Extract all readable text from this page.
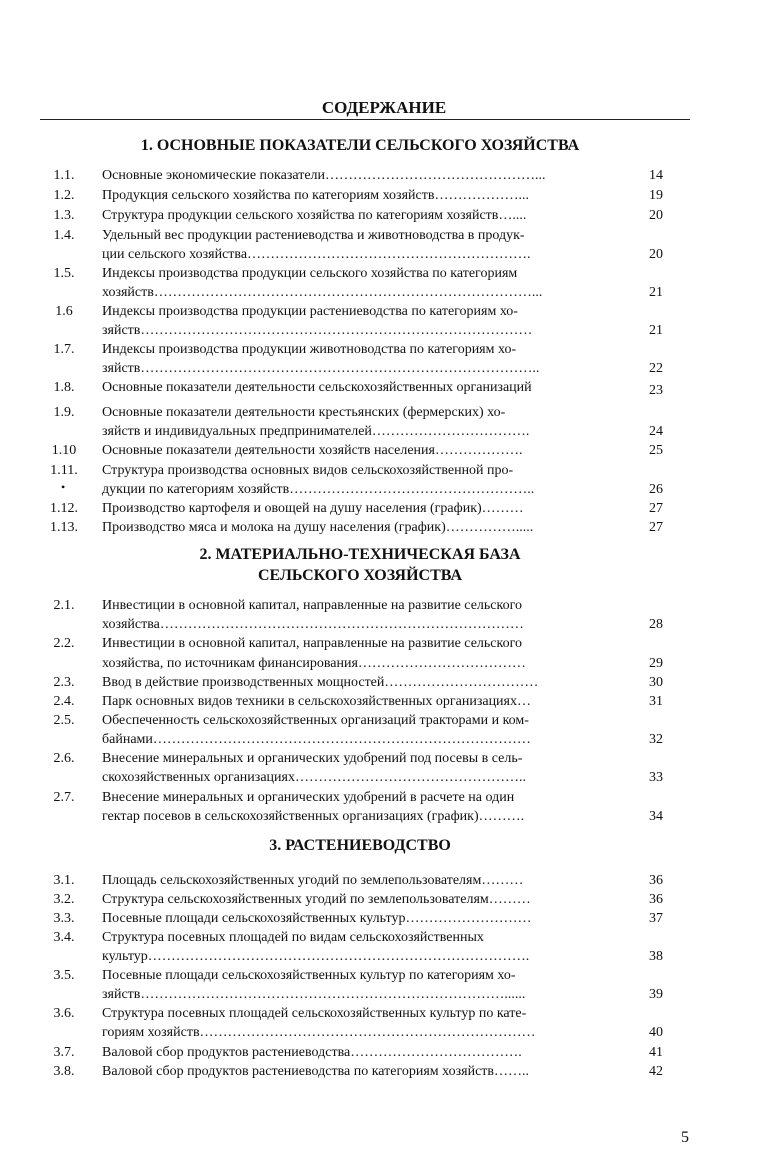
СОДЕРЖАНИЕ
1. ОСНОВНЫЕ ПОКАЗАТЕЛИ СЕЛЬСКОГО ХОЗЯЙСТВА
1.1.	Основные экономические показатели………………………………………...	14
1.2.	Продукция сельского хозяйства по категориям хозяйств………………...	19
1.3.	Структура продукции сельского хозяйства по категориям хозяйств…....	20
1.4.	Удельный вес продукции растениеводства и животноводства в продук-
ции сельского хозяйства…………………………………………………….	20
1.5.	Индексы производства продукции сельского хозяйства по категориям
хозяйств………………………………………………………………………...	21
1.6	Индексы производства продукции растениеводства по категориям хо-
зяйств…………………………………………………………………………	21
1.7.	Индексы производства продукции животноводства по категориям хо-
зяйств…………………………………………………………………………..	22
1.8.	Основные показатели деятельности сельскохозяйственных организаций	23
1.9.	Основные показатели деятельности крестьянских (фермерских) хо-
зяйств и индивидуальных предпринимателей…………………………….	24
1.10	Основные показатели деятельности хозяйств населения……………….	25
1.11.	Структура производства основных видов сельскохозяйственной про-
дукции по категориям хозяйств……………………………………………..	26
1.12.	Производство картофеля и овощей на душу населения (график)………	27
1.13.	Производство мяса и молока на душу населения (график)…………….....	27
2. МАТЕРИАЛЬНО-ТЕХНИЧЕСКАЯ БАЗА
СЕЛЬСКОГО ХОЗЯЙСТВА
2.1.	Инвестиции в основной капитал, направленные на развитие сельского
хозяйства……………………………………………………………………	28
2.2.	Инвестиции в основной капитал, направленные на развитие сельского
хозяйства, по источникам финансирования………………………………	29
2.3.	Ввод в действие производственных мощностей……………………………	30
2.4.	Парк основных видов техники в сельскохозяйственных организациях…	31
2.5.	Обеспеченность сельскохозяйственных организаций тракторами и ком-
байнами………………………………………………………………………	32
2.6.	Внесение минеральных и органических удобрений под посевы в сель-
скохозяйственных организациях…………………………………………..	33
2.7.	Внесение минеральных и органических удобрений в расчете на один
гектар посевов в сельскохозяйственных организациях (график)……….	34
3. РАСТЕНИЕВОДСТВО
3.1.	Площадь сельскохозяйственных угодий по землепользователям………	36
3.2.	Структура сельскохозяйственных угодий по землепользователям………	36
3.3.	Посевные площади сельскохозяйственных культур………………………	37
3.4.	Структура посевных площадей по видам сельскохозяйственных
культур……………………………………………………………………….	38
3.5.	Посевные площади сельскохозяйственных культур по категориям хо-
зяйств……………………………………………………………………......	39
3.6.	Структура посевных площадей сельскохозяйственных культур по кате-
гориям хозяйств………………………………………………………………	40
3.7.	Валовой сбор продуктов растениеводства……………………………….	41
3.8.	Валовой сбор продуктов растениеводства по категориям хозяйств……..	42
•
5
